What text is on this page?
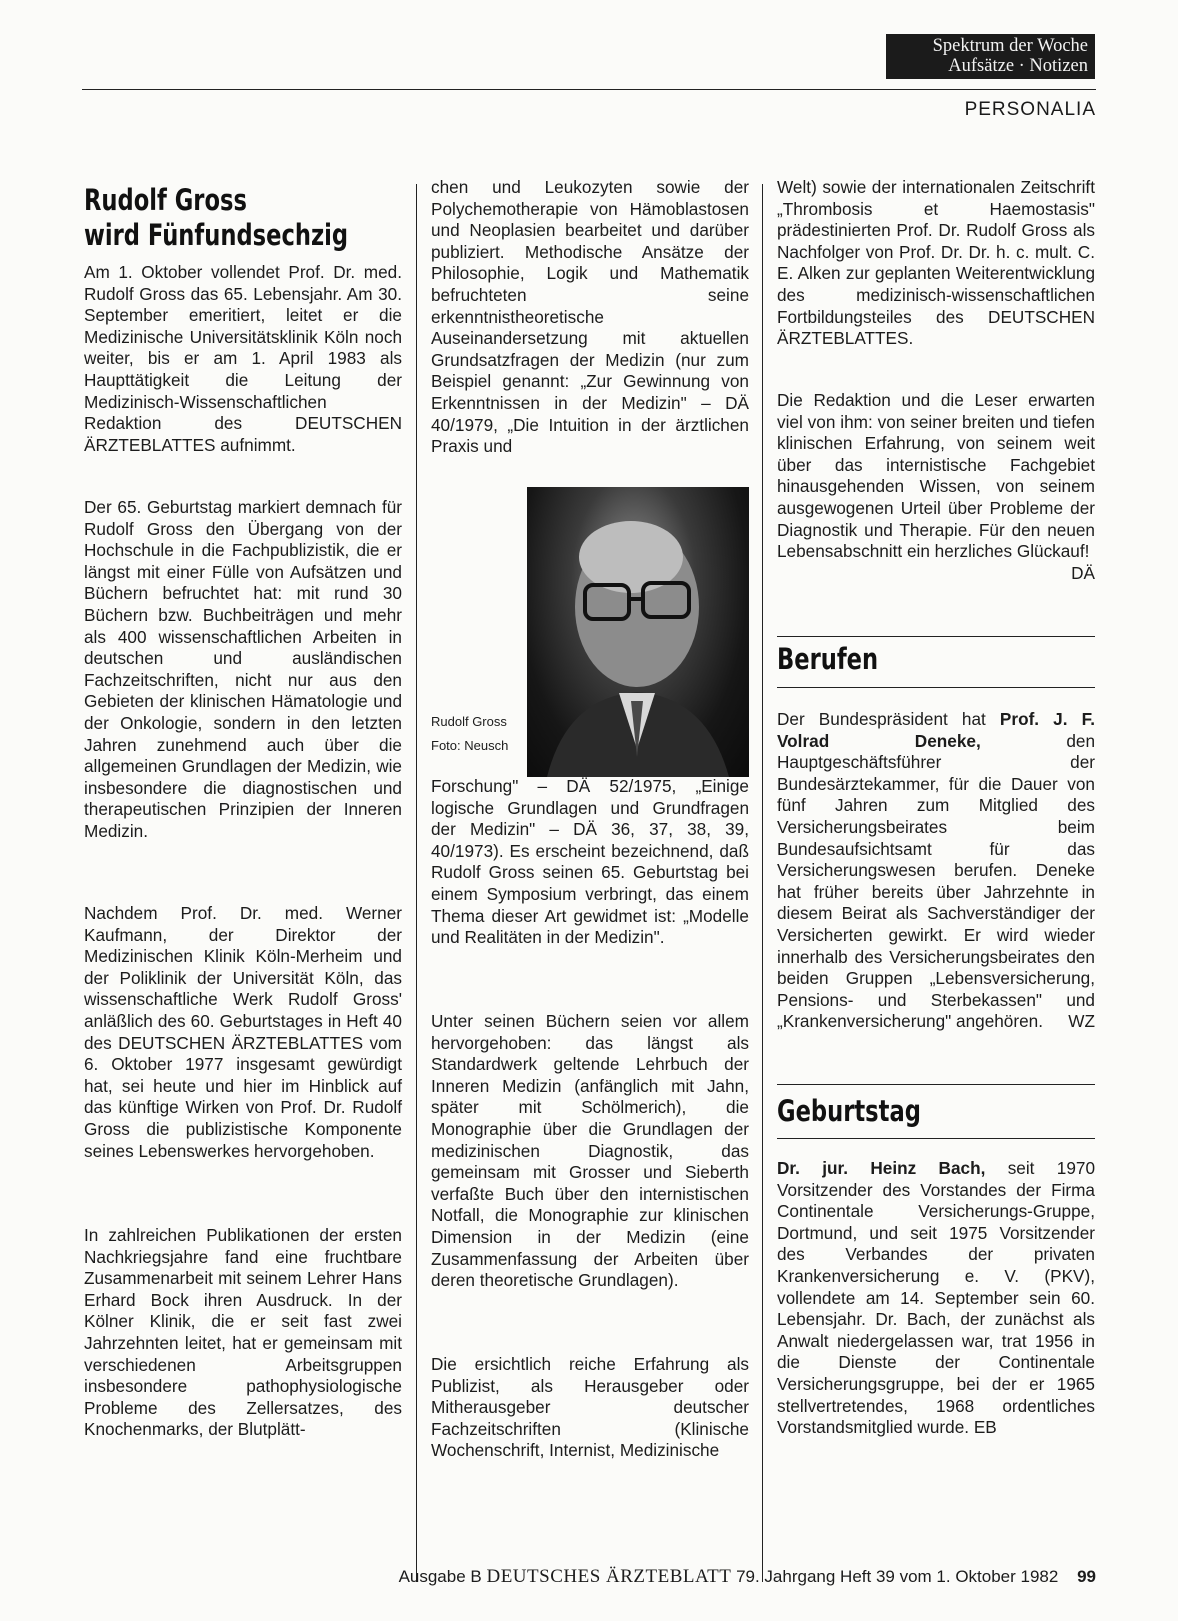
Spektrum der Woche
Aufsätze · Notizen
PERSONALIA
Rudolf Gross
wird Fünfundsechzig

Am 1. Oktober vollendet Prof. Dr. med. Rudolf Gross das 65. Lebensjahr. Am 30. September emeritiert, leitet er die Medizinische Universitätsklinik Köln noch weiter, bis er am 1. April 1983 als Haupttätigkeit die Leitung der Medizinisch-Wissenschaftlichen Redaktion des DEUTSCHEN ÄRZTEBLATTES aufnimmt.

Der 65. Geburtstag markiert demnach für Rudolf Gross den Übergang von der Hochschule in die Fachpublizistik, die er längst mit einer Fülle von Aufsätzen und Büchern befruchtet hat: mit rund 30 Büchern bzw. Buchbeiträgen und mehr als 400 wissenschaftlichen Arbeiten in deutschen und ausländischen Fachzeitschriften, nicht nur aus den Gebieten der klinischen Hämatologie und der Onkologie, sondern in den letzten Jahren zunehmend auch über die allgemeinen Grundlagen der Medizin, wie insbesondere die diagnostischen und therapeutischen Prinzipien der Inneren Medizin.

Nachdem Prof. Dr. med. Werner Kaufmann, der Direktor der Medizinischen Klinik Köln-Merheim und der Poliklinik der Universität Köln, das wissenschaftliche Werk Rudolf Gross' anläßlich des 60. Geburtstages in Heft 40 des DEUTSCHEN ÄRZTEBLATTES vom 6. Oktober 1977 insgesamt gewürdigt hat, sei heute und hier im Hinblick auf das künftige Wirken von Prof. Dr. Rudolf Gross die publizistische Komponente seines Lebenswerkes hervorgehoben.

In zahlreichen Publikationen der ersten Nachkriegsjahre fand eine fruchtbare Zusammenarbeit mit seinem Lehrer Hans Erhard Bock ihren Ausdruck. In der Kölner Klinik, die er seit fast zwei Jahrzehnten leitet, hat er gemeinsam mit verschiedenen Arbeitsgruppen insbesondere pathophysiologische Probleme des Zellersatzes, des Knochenmarks, der Blutplätt-

chen und Leukozyten sowie der Polychemotherapie von Hämoblastosen und Neoplasien bearbeitet und darüber publiziert. Methodische Ansätze der Philosophie, Logik und Mathematik befruchteten seine erkenntnistheoretische Auseinandersetzung mit aktuellen Grundsatzfragen der Medizin (nur zum Beispiel genannt: „Zur Gewinnung von Erkenntnissen in der Medizin" – DÄ 40/1979, „Die Intuition in der ärztlichen Praxis und

Rudolf Gross
Foto: Neusch

Forschung" – DÄ 52/1975, „Einige logische Grundlagen und Grundfragen der Medizin" – DÄ 36, 37, 38, 39, 40/1973). Es erscheint bezeichnend, daß Rudolf Gross seinen 65. Geburtstag bei einem Symposium verbringt, das einem Thema dieser Art gewidmet ist: „Modelle und Realitäten in der Medizin".

Unter seinen Büchern seien vor allem hervorgehoben: das längst als Standardwerk geltende Lehrbuch der Inneren Medizin (anfänglich mit Jahn, später mit Schölmerich), die Monographie über die Grundlagen der medizinischen Diagnostik, das gemeinsam mit Grosser und Sieberth verfaßte Buch über den internistischen Notfall, die Monographie zur klinischen Dimension in der Medizin (eine Zusammenfassung der Arbeiten über deren theoretische Grundlagen).

Die ersichtlich reiche Erfahrung als Publizist, als Herausgeber oder Mitherausgeber deutscher Fachzeitschriften (Klinische Wochenschrift, Internist, Medizinische

Welt) sowie der internationalen Zeitschrift „Thrombosis et Haemostasis" prädestinierten Prof. Dr. Rudolf Gross als Nachfolger von Prof. Dr. Dr. h. c. mult. C. E. Alken zur geplanten Weiterentwicklung des medizinisch-wissenschaftlichen Fortbildungsteiles des DEUTSCHEN ÄRZTEBLATTES.

Die Redaktion und die Leser erwarten viel von ihm: von seiner breiten und tiefen klinischen Erfahrung, von seinem weit über das internistische Fachgebiet hinausgehenden Wissen, von seinem ausgewogenen Urteil über Probleme der Diagnostik und Therapie. Für den neuen Lebensabschnitt ein herzliches Glückauf!
DÄ

Berufen

Der Bundespräsident hat Prof. J. F. Volrad Deneke, den Hauptgeschäftsführer der Bundesärztekammer, für die Dauer von fünf Jahren zum Mitglied des Versicherungsbeirates beim Bundesaufsichtsamt für das Versicherungswesen berufen. Deneke hat früher bereits über Jahrzehnte in diesem Beirat als Sachverständiger der Versicherten gewirkt. Er wird wieder innerhalb des Versicherungsbeirates den beiden Gruppen „Lebensversicherung, Pensions- und Sterbekassen" und „Krankenversicherung" angehören. WZ

Geburtstag

Dr. jur. Heinz Bach, seit 1970 Vorsitzender des Vorstandes der Firma Continentale Versicherungs-Gruppe, Dortmund, und seit 1975 Vorsitzender des Verbandes der privaten Krankenversicherung e. V. (PKV), vollendete am 14. September sein 60. Lebensjahr. Dr. Bach, der zunächst als Anwalt niedergelassen war, trat 1956 in die Dienste der Continentale Versicherungsgruppe, bei der er 1965 stellvertretendes, 1968 ordentliches Vorstandsmitglied wurde. EB

Ausgabe B DEUTSCHES ÄRZTEBLATT 79. Jahrgang Heft 39 vom 1. Oktober 1982 99
